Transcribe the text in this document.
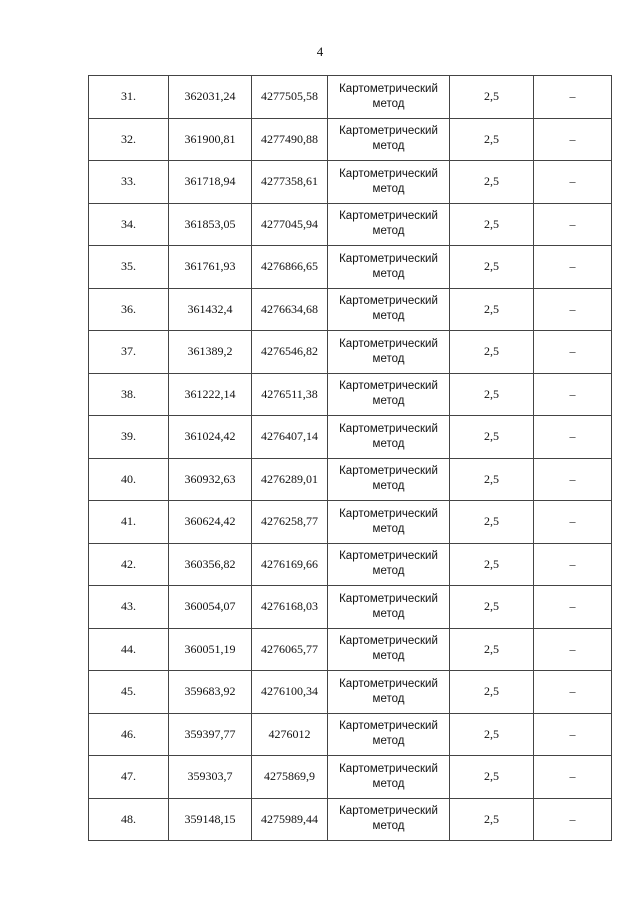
4
31.	362031,24	4277505,58	Картометрический метод	2,5	–
32.	361900,81	4277490,88	Картометрический метод	2,5	–
33.	361718,94	4277358,61	Картометрический метод	2,5	–
34.	361853,05	4277045,94	Картометрический метод	2,5	–
35.	361761,93	4276866,65	Картометрический метод	2,5	–
36.	361432,4	4276634,68	Картометрический метод	2,5	–
37.	361389,2	4276546,82	Картометрический метод	2,5	–
38.	361222,14	4276511,38	Картометрический метод	2,5	–
39.	361024,42	4276407,14	Картометрический метод	2,5	–
40.	360932,63	4276289,01	Картометрический метод	2,5	–
41.	360624,42	4276258,77	Картометрический метод	2,5	–
42.	360356,82	4276169,66	Картометрический метод	2,5	–
43.	360054,07	4276168,03	Картометрический метод	2,5	–
44.	360051,19	4276065,77	Картометрический метод	2,5	–
45.	359683,92	4276100,34	Картометрический метод	2,5	–
46.	359397,77	4276012	Картометрический метод	2,5	–
47.	359303,7	4275869,9	Картометрический метод	2,5	–
48.	359148,15	4275989,44	Картометрический метод	2,5	–
